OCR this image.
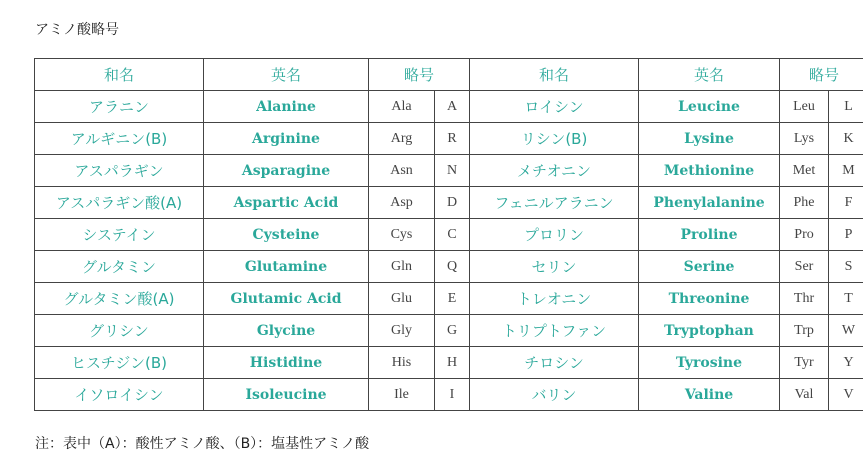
アミノ酸略号
和名	英名	略号		和名	英名	略号	
アラニン	Alanine	Ala	A	ロイシン	Leucine	Leu	L
アルギニン(B)	Arginine	Arg	R	リシン(B)	Lysine	Lys	K
アスパラギン	Asparagine	Asn	N	メチオニン	Methionine	Met	M
アスパラギン酸(A)	Aspartic Acid	Asp	D	フェニルアラニン	Phenylalanine	Phe	F
システイン	Cysteine	Cys	C	プロリン	Proline	Pro	P
グルタミン	Glutamine	Gln	Q	セリン	Serine	Ser	S
グルタミン酸(A)	Glutamic Acid	Glu	E	トレオニン	Threonine	Thr	T
グリシン	Glycine	Gly	G	トリプトファン	Tryptophan	Trp	W
ヒスチジン(B)	Histidine	His	H	チロシン	Tyrosine	Tyr	Y
イソロイシン	Isoleucine	Ile	I	バリン	Valine	Val	V
注：表中（A）：酸性アミノ酸、（B）：塩基性アミノ酸
